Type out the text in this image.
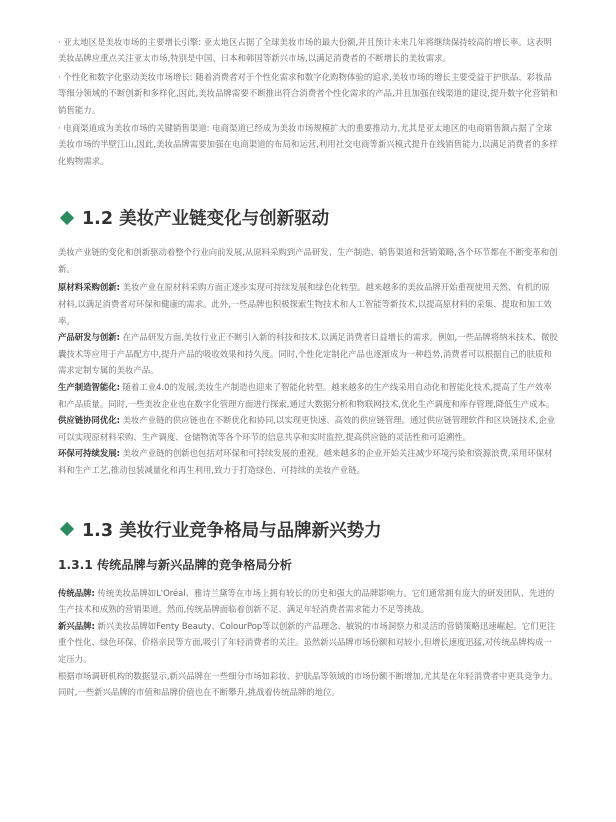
· 亚太地区是美妆市场的主要增长引擎: 亚太地区占据了全球美妆市场的最大份额,并且预计未来几年将继续保持较高的增长率。这表明美妆品牌应重点关注亚太市场,特别是中国、日本和韩国等新兴市场,以满足消费者的不断增长的美妆需求。

· 个性化和数字化驱动美妆市场增长: 随着消费者对于个性化需求和数字化购物体验的追求,美妆市场的增长主要受益于护肤品、彩妆品等细分领域的不断创新和多样化,因此,美妆品牌需要不断推出符合消费者个性化需求的产品,并且加强在线渠道的建设,提升数字化营销和销售能力。

· 电商渠道成为美妆市场的关键销售渠道: 电商渠道已经成为美妆市场规模扩大的重要推动力,尤其是亚太地区的电商销售额占据了全球美妆市场的半壁江山,因此,美妆品牌需要加强在电商渠道的布局和运营,利用社交电商等新兴模式提升在线销售能力,以满足消费者的多样化购物需求。

1.2 美妆产业链变化与创新驱动

美妆产业链的变化和创新驱动着整个行业向前发展,从原料采购到产品研发、生产制造、销售渠道和营销策略,各个环节都在不断变革和创新。

原材料采购创新: 美妆产业在原材料采购方面正逐步实现可持续发展和绿色化转型。越来越多的美妆品牌开始重视使用天然、有机的原材料,以满足消费者对环保和健康的需求。此外,一些品牌也积极探索生物技术和人工智能等新技术,以提高原材料的采集、提取和加工效率。

产品研发与创新: 在产品研发方面,美妆行业正不断引入新的科技和技术,以满足消费者日益增长的需求。例如,一些品牌将纳米技术、微胶囊技术等应用于产品配方中,提升产品的吸收效果和持久度。同时,个性化定制化产品也逐渐成为一种趋势,消费者可以根据自己的肤质和需求定制专属的美妆产品。

生产制造智能化: 随着工业4.0的发展,美妆生产制造也迎来了智能化转型。越来越多的生产线采用自动化和智能化技术,提高了生产效率和产品质量。同时,一些美妆企业也在数字化管理方面进行探索,通过大数据分析和物联网技术,优化生产调度和库存管理,降低生产成本。

供应链协同优化: 美妆产业链的供应链也在不断优化和协同,以实现更快速、高效的供应链管理。通过供应链管理软件和区块链技术,企业可以实现原材料采购、生产调度、仓储物流等各个环节的信息共享和实时监控,提高供应链的灵活性和可追溯性。

环保可持续发展: 美妆产业链的创新也包括对环保和可持续发展的重视。越来越多的企业开始关注减少环境污染和资源浪费,采用环保材料和生产工艺,推动包装减量化和再生利用,致力于打造绿色、可持续的美妆产业链。

1.3 美妆行业竞争格局与品牌新兴势力
1.3.1 传统品牌与新兴品牌的竞争格局分析

传统品牌: 传统美妆品牌如L'Oréal、雅诗兰黛等在市场上拥有较长的历史和强大的品牌影响力。它们通常拥有庞大的研发团队、先进的生产技术和成熟的营销渠道。然而,传统品牌面临着创新不足、满足年轻消费者需求能力不足等挑战。

新兴品牌: 新兴美妆品牌如Fenty Beauty、ColourPop等以创新的产品理念、敏锐的市场洞察力和灵活的营销策略迅速崛起。它们更注重个性化、绿色环保、价格亲民等方面,吸引了年轻消费者的关注。虽然新兴品牌市场份额和对较小,但增长速度迅猛,对传统品牌构成一定压力。

根据市场调研机构的数据显示,新兴品牌在一些细分市场如彩妆、护肤品等领域的市场份额不断增加,尤其是在年轻消费者中更具竞争力。同时,一些新兴品牌的市值和品牌价值也在不断攀升,挑战着传统品牌的地位。
